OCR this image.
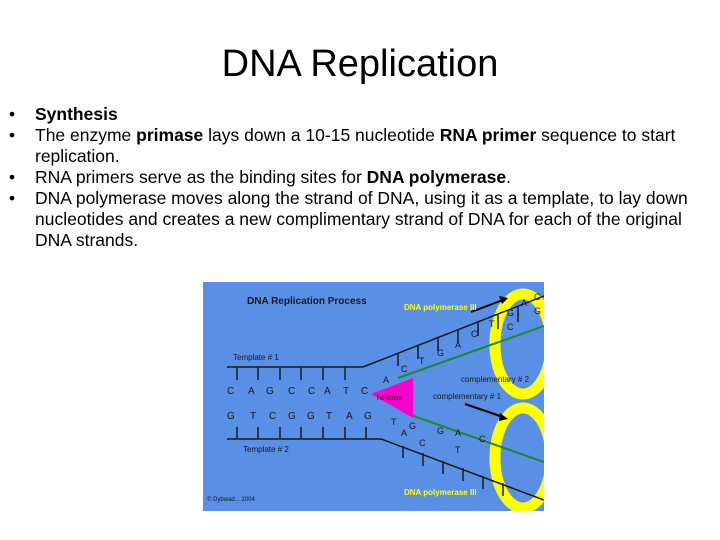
DNA Replication
• Synthesis
• The enzyme primase lays down a 10-15 nucleotide RNA primer sequence to start replication.
• RNA primers serve as the binding sites for DNA polymerase.
• DNA polymerase moves along the strand of DNA, using it as a template, to lay down nucleotides and creates a new complimentary strand of DNA for each of the original DNA strands.
DNA Replication Process
DNA polymerase III
Template # 1
complementary # 2
complementary # 1
helicase
Template # 2
DNA polymerase III
© Dybwad... 2004
C A G C C A T C
G T C G G T A G
A
C
T
G
A
C
T
G
A
C
C
G
T G
A
C
G A
T
C
